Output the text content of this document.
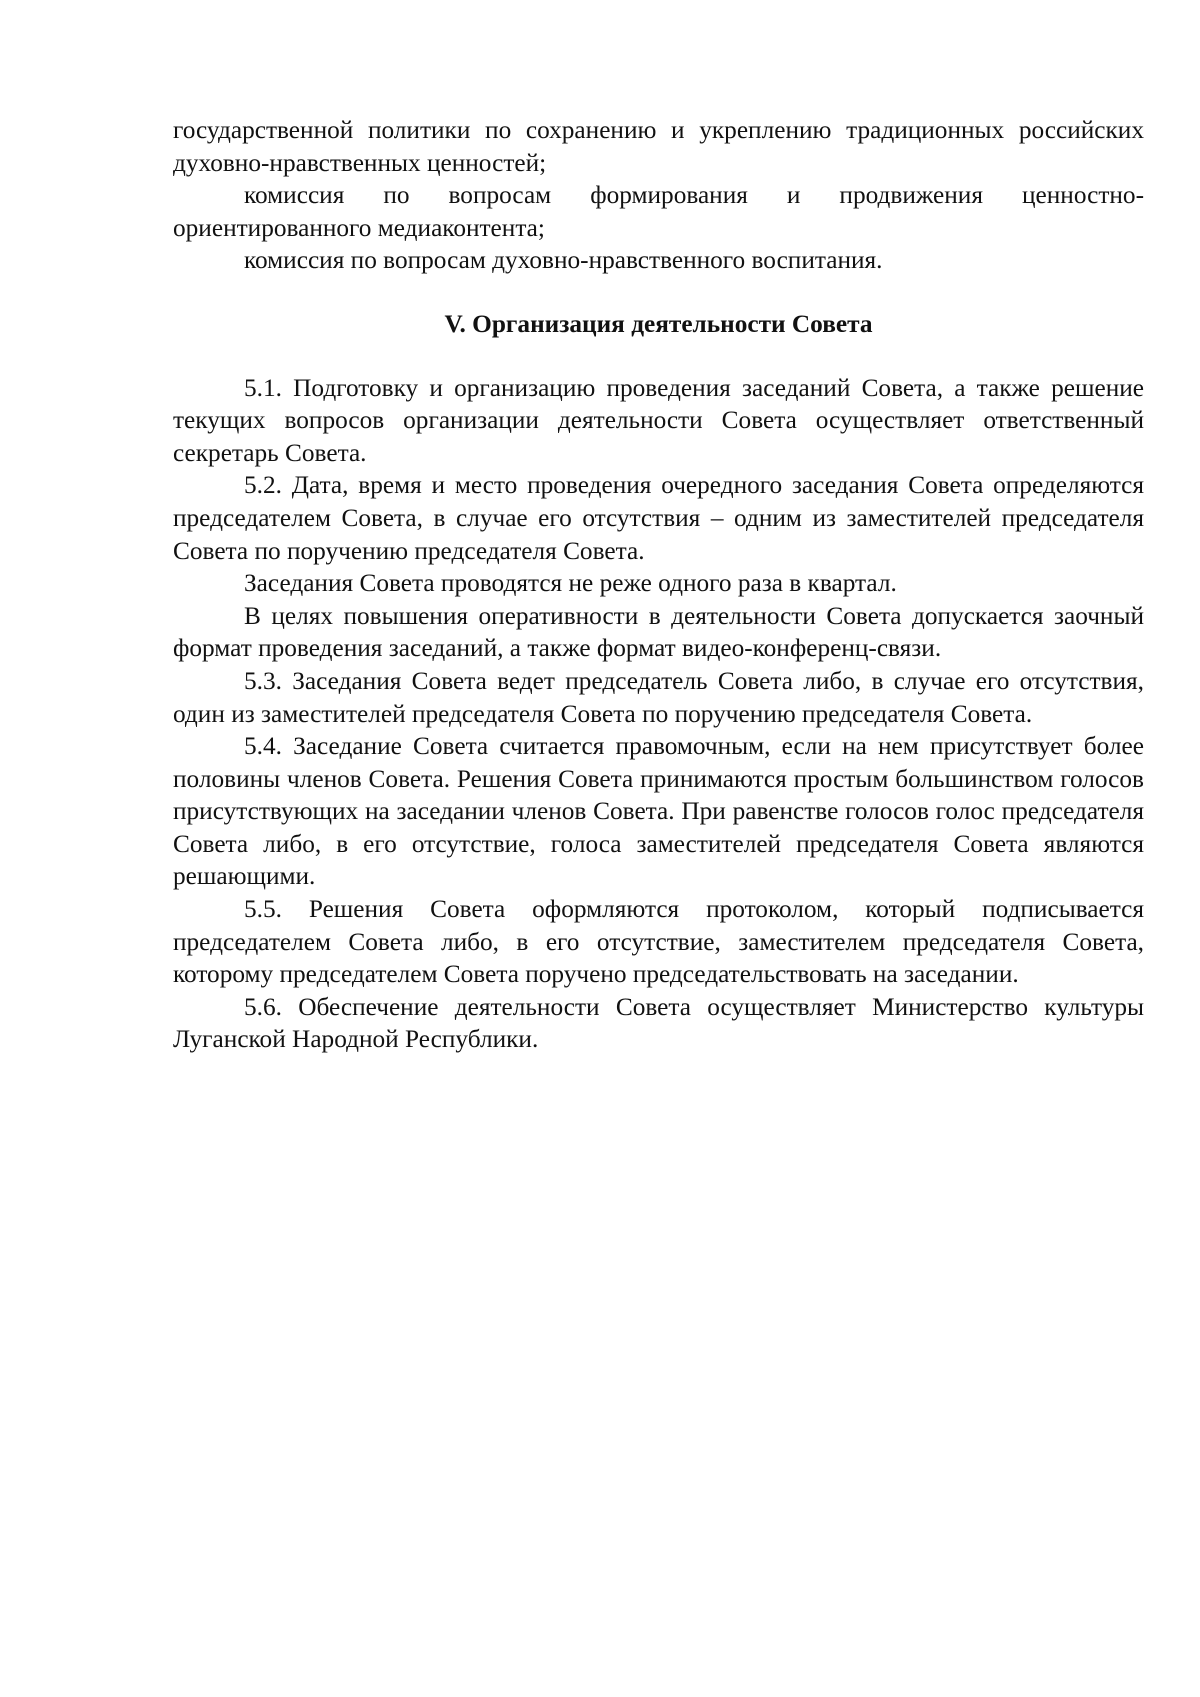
государственной политики по сохранению и укреплению традиционных российских духовно-нравственных ценностей;

комиссия по вопросам формирования и продвижения ценностно-ориентированного медиаконтента;

комиссия по вопросам духовно-нравственного воспитания.

V. Организация деятельности Совета

5.1. Подготовку и организацию проведения заседаний Совета, а также решение текущих вопросов организации деятельности Совета осуществляет ответственный секретарь Совета.

5.2. Дата, время и место проведения очередного заседания Совета определяются председателем Совета, в случае его отсутствия – одним из заместителей председателя Совета по поручению председателя Совета.

Заседания Совета проводятся не реже одного раза в квартал.

В целях повышения оперативности в деятельности Совета допускается заочный формат проведения заседаний, а также формат видео-конференц-связи.

5.3. Заседания Совета ведет председатель Совета либо, в случае его отсутствия, один из заместителей председателя Совета по поручению председателя Совета.

5.4. Заседание Совета считается правомочным, если на нем присутствует более половины членов Совета. Решения Совета принимаются простым большинством голосов присутствующих на заседании членов Совета. При равенстве голосов голос председателя Совета либо, в его отсутствие, голоса заместителей председателя Совета являются решающими.

5.5. Решения Совета оформляются протоколом, который подписывается председателем Совета либо, в его отсутствие, заместителем председателя Совета, которому председателем Совета поручено председательствовать на заседании.

5.6. Обеспечение деятельности Совета осуществляет Министерство культуры Луганской Народной Республики.
